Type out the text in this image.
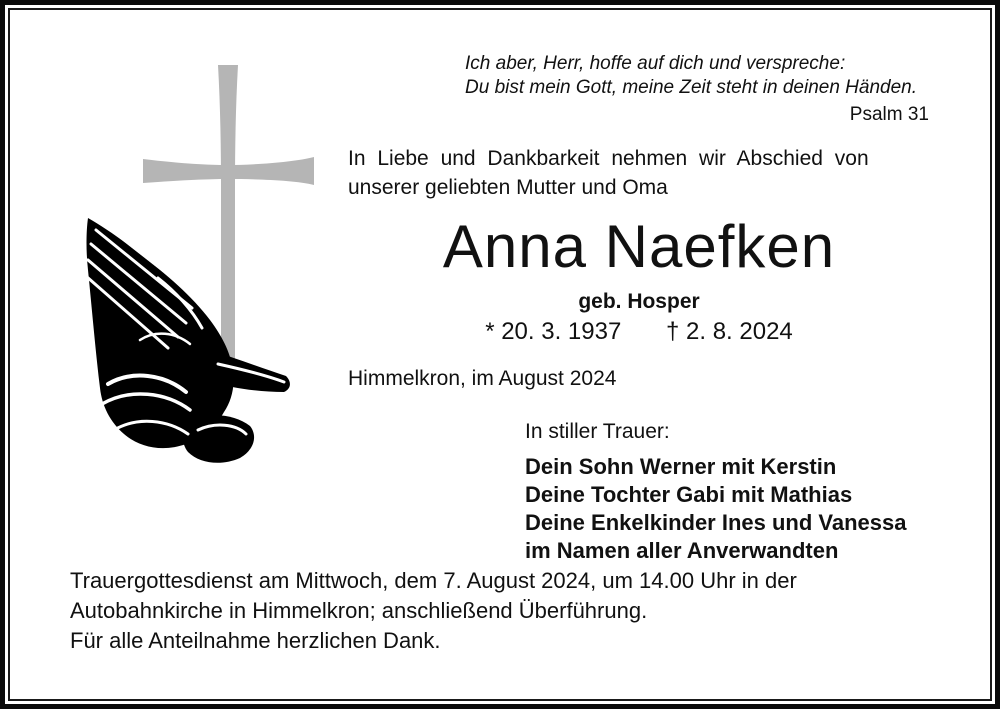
Ich aber, Herr, hoffe auf dich und verspreche:
Du bist mein Gott, meine Zeit steht in deinen Händen.
Psalm 31
In Liebe und Dankbarkeit nehmen wir Abschied von
unserer geliebten Mutter und Oma
Anna Naefken
geb. Hosper
* 20. 3. 1937 † 2. 8. 2024
Himmelkron, im August 2024
In stiller Trauer:
Dein Sohn Werner mit Kerstin
Deine Tochter Gabi mit Mathias
Deine Enkelkinder Ines und Vanessa
im Namen aller Anverwandten
Trauergottesdienst am Mittwoch, dem 7. August 2024, um 14.00 Uhr in der
Autobahnkirche in Himmelkron; anschließend Überführung.
Für alle Anteilnahme herzlichen Dank.
